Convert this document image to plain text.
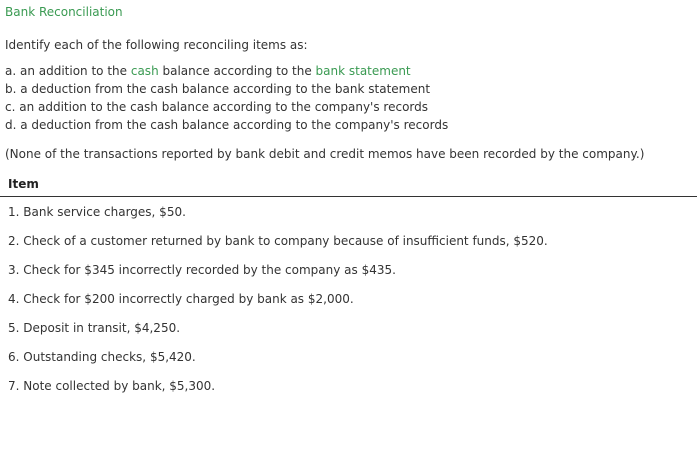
Bank Reconciliation

Identify each of the following reconciling items as:

a. an addition to the cash balance according to the bank statement
b. a deduction from the cash balance according to the bank statement
c. an addition to the cash balance according to the company's records
d. a deduction from the cash balance according to the company's records

(None of the transactions reported by bank debit and credit memos have been recorded by the company.)

Item
1. Bank service charges, $50.
2. Check of a customer returned by bank to company because of insufficient funds, $520.
3. Check for $345 incorrectly recorded by the company as $435.
4. Check for $200 incorrectly charged by bank as $2,000.
5. Deposit in transit, $4,250.
6. Outstanding checks, $5,420.
7. Note collected by bank, $5,300.
